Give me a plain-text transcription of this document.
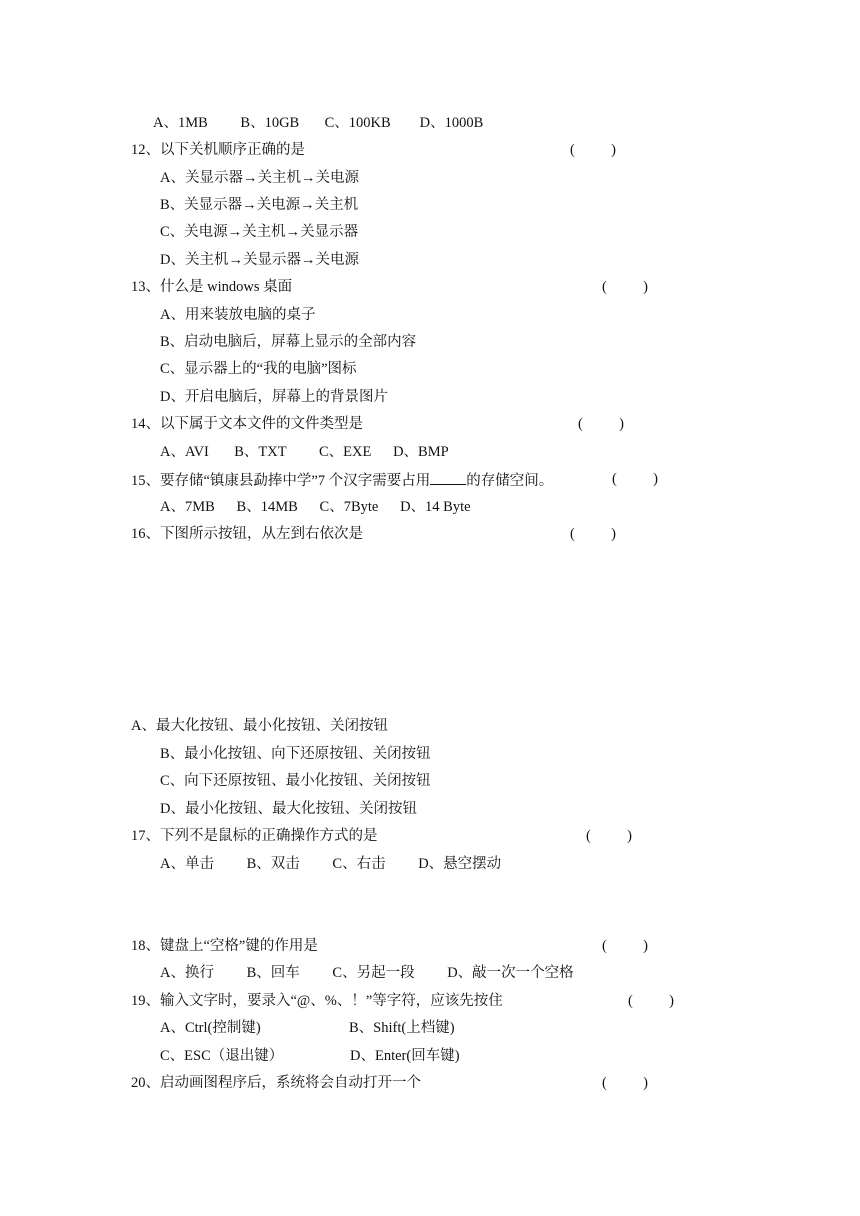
A、1MB         B、10GB       C、100KB        D、1000B
12、以下关机顺序正确的是	(          )
A、关显示器→关主机→关电源
B、关显示器→关电源→关主机
C、关电源→关主机→关显示器
D、关主机→关显示器→关电源
13、什么是 windows 桌面	(          )
A、用来装放电脑的桌子
B、启动电脑后，屏幕上显示的全部内容
C、显示器上的“我的电脑”图标
D、开启电脑后，屏幕上的背景图片
14、以下属于文本文件的文件类型是	(          )
A、AVI       B、TXT         C、EXE      D、BMP
15、要存储“镇康县勐捧中学”7 个汉字需要占用 的存储空间。	(          )
A、7MB      B、14MB      C、7Byte      D、14 Byte
16、下图所示按钮，从左到右依次是	(          )
A、最大化按钮、最小化按钮、关闭按钮
B、最小化按钮、向下还原按钮、关闭按钮
C、向下还原按钮、最小化按钮、关闭按钮
D、最小化按钮、最大化按钮、关闭按钮
17、下列不是鼠标的正确操作方式的是	(          )
A、单击         B、双击         C、右击         D、悬空摆动
18、键盘上“空格”键的作用是	(          )
A、换行         B、回车         C、另起一段         D、敲一次一个空格
19、输入文字时，要录入“@、%、！”等字符，应该先按住	(          )
A、Ctrl(控制键)	B、Shift(上档键)
C、ESC（退出键）	D、Enter(回车键)
20、启动画图程序后，系统将会自动打开一个	(          )
